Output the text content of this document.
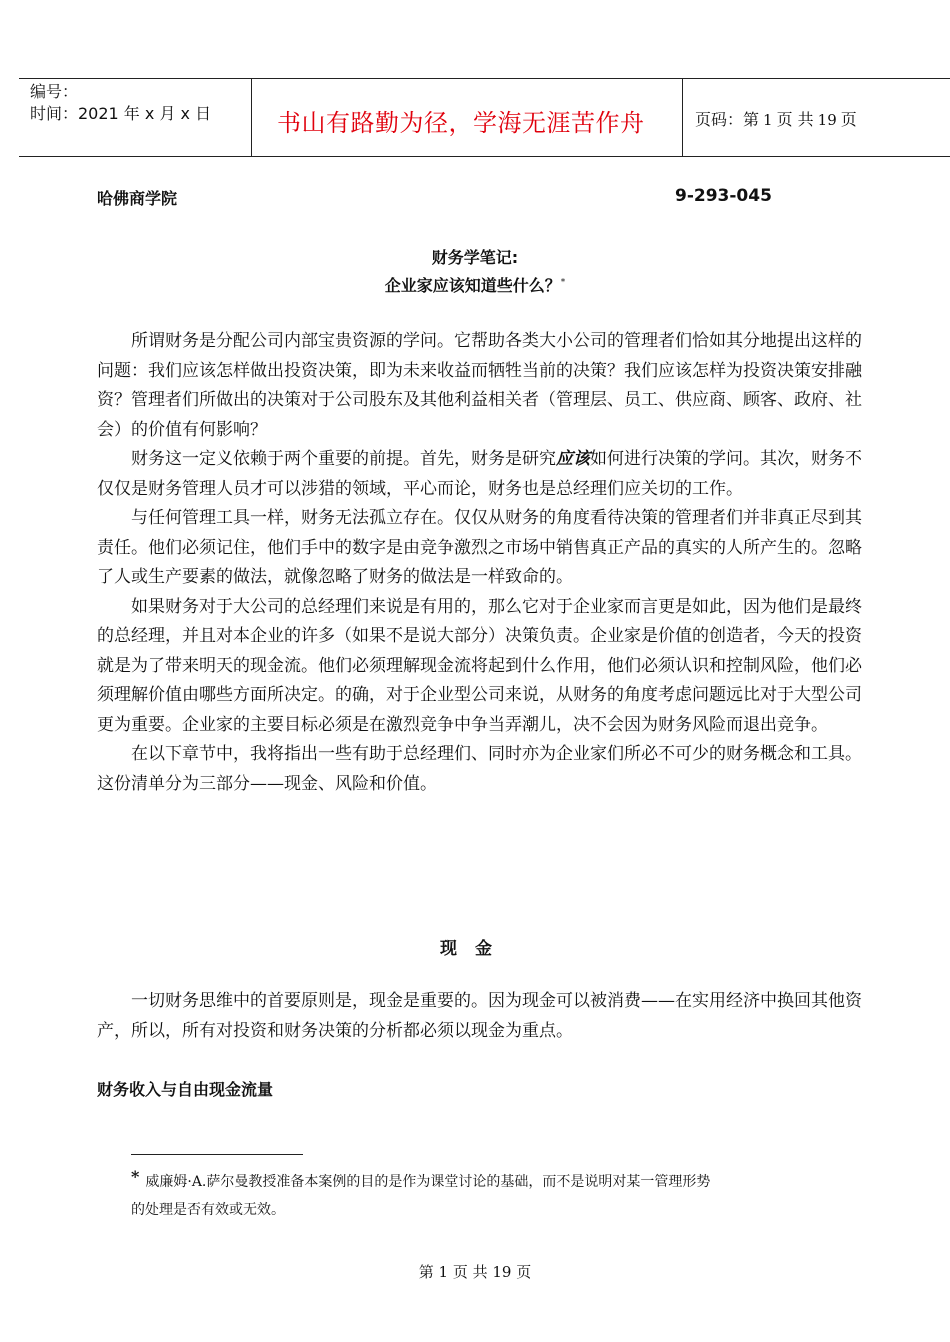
编号：
时间：2021 年 x 月 x 日	书山有路勤为径，学海无涯苦作舟	页码：第 1 页 共 19 页
哈佛商学院	9-293-045
财务学笔记:
企业家应该知道些什么？*

所谓财务是分配公司内部宝贵资源的学问。它帮助各类大小公司的管理者们恰如其分地提出这样的问题：我们应该怎样做出投资决策，即为未来收益而牺牲当前的决策？我们应该怎样为投资决策安排融资？管理者们所做出的决策对于公司股东及其他利益相关者（管理层、员工、供应商、顾客、政府、社会）的价值有何影响？

财务这一定义依赖于两个重要的前提。首先，财务是研究应该如何进行决策的学问。其次，财务不仅仅是财务管理人员才可以涉猎的领域，平心而论，财务也是总经理们应关切的工作。

与任何管理工具一样，财务无法孤立存在。仅仅从财务的角度看待决策的管理者们并非真正尽到其责任。他们必须记住，他们手中的数字是由竞争激烈之市场中销售真正产品的真实的人所产生的。忽略了人或生产要素的做法，就像忽略了财务的做法是一样致命的。

如果财务对于大公司的总经理们来说是有用的，那么它对于企业家而言更是如此，因为他们是最终的总经理，并且对本企业的许多（如果不是说大部分）决策负责。企业家是价值的创造者，今天的投资就是为了带来明天的现金流。他们必须理解现金流将起到什么作用，他们必须认识和控制风险，他们必须理解价值由哪些方面所决定。的确，对于企业型公司来说，从财务的角度考虑问题远比对于大型公司更为重要。企业家的主要目标必须是在激烈竞争中争当弄潮儿，决不会因为财务风险而退出竞争。

在以下章节中，我将指出一些有助于总经理们、同时亦为企业家们所必不可少的财务概念和工具。这份清单分为三部分——现金、风险和价值。

现金

一切财务思维中的首要原则是，现金是重要的。因为现金可以被消费——在实用经济中换回其他资产，所以，所有对投资和财务决策的分析都必须以现金为重点。

财务收入与自由现金流量
* 威廉姆·A.萨尔曼教授准备本案例的目的是作为课堂讨论的基础，而不是说明对某一管理形势
的处理是否有效或无效。
第 1 页 共 19 页
